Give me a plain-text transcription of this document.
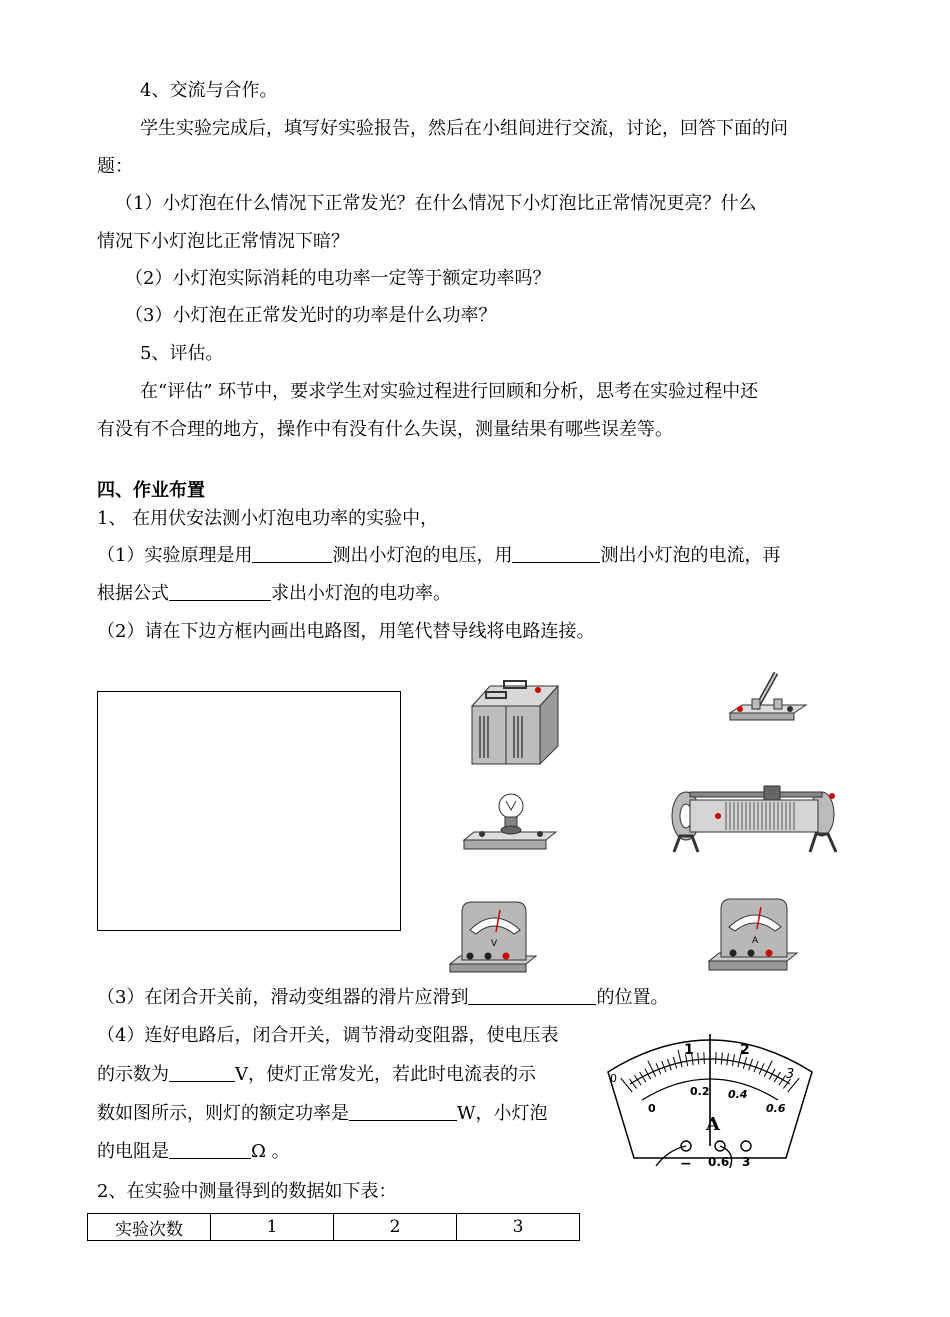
4、交流与合作。
学生实验完成后，填写好实验报告，然后在小组间进行交流，讨论，回答下面的问
题：
（1）小灯泡在什么情况下正常发光？在什么情况下小灯泡比正常情况更亮？什么
情况下小灯泡比正常情况下暗？
（2）小灯泡实际消耗的电功率一定等于额定功率吗？
（3）小灯泡在正常发光时的功率是什么功率？
5、评估。
在“评估” 环节中，要求学生对实验过程进行回顾和分析，思考在实验过程中还
有没有不合理的地方，操作中有没有什么失误，测量结果有哪些误差等。
四、作业布置
1、 在用伏安法测小灯泡电功率的实验中，
（1）实验原理是用	测出小灯泡的电压，用	测出小灯泡的电流，再
根据公式	求出小灯泡的电功率。
（2）请在下边方框内画出电路图，用笔代替导线将电路连接。
V	A
（3）在闭合开关前，滑动变组器的滑片应滑到	的位置。
（4）连好电路后，闭合开关，调节滑动变阻器，使电压表
的示数为	V，使灯正常发光，若此时电流表的示
数如图所示，则灯的额定功率是	W，小灯泡
的电阻是	Ω 。
0
1	2
3
0
0.2 0.4
0.6
A
− 0.6 3
2、在实验中测量得到的数据如下表：
实验次数	1	2	3
